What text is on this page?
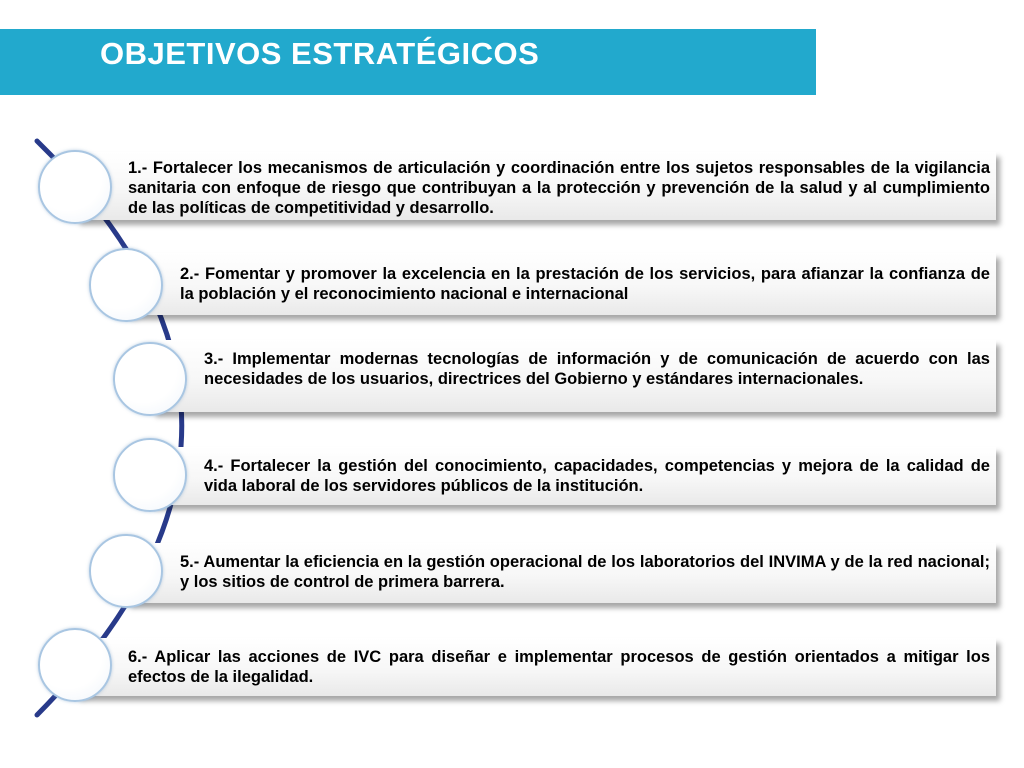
OBJETIVOS ESTRATÉGICOS
1.- Fortalecer los mecanismos de articulación y coordinación entre los sujetos responsables de la vigilancia sanitaria con enfoque de riesgo que contribuyan a la protección y prevención de la salud y al cumplimiento de las políticas de competitividad y desarrollo.
2.- Fomentar y promover la excelencia en la prestación de los servicios, para afianzar la confianza de la población y el reconocimiento nacional e internacional
3.- Implementar modernas tecnologías de información y de comunicación de acuerdo con las necesidades de los usuarios, directrices del Gobierno y estándares internacionales.
4.- Fortalecer la gestión del conocimiento, capacidades, competencias y mejora de la calidad de vida laboral de los servidores públicos de la institución.
5.- Aumentar la eficiencia en la gestión operacional de los laboratorios del INVIMA y de la red nacional; y los sitios de control de primera barrera.
6.- Aplicar las acciones de IVC para diseñar e implementar procesos de gestión orientados a mitigar los efectos de la ilegalidad.
